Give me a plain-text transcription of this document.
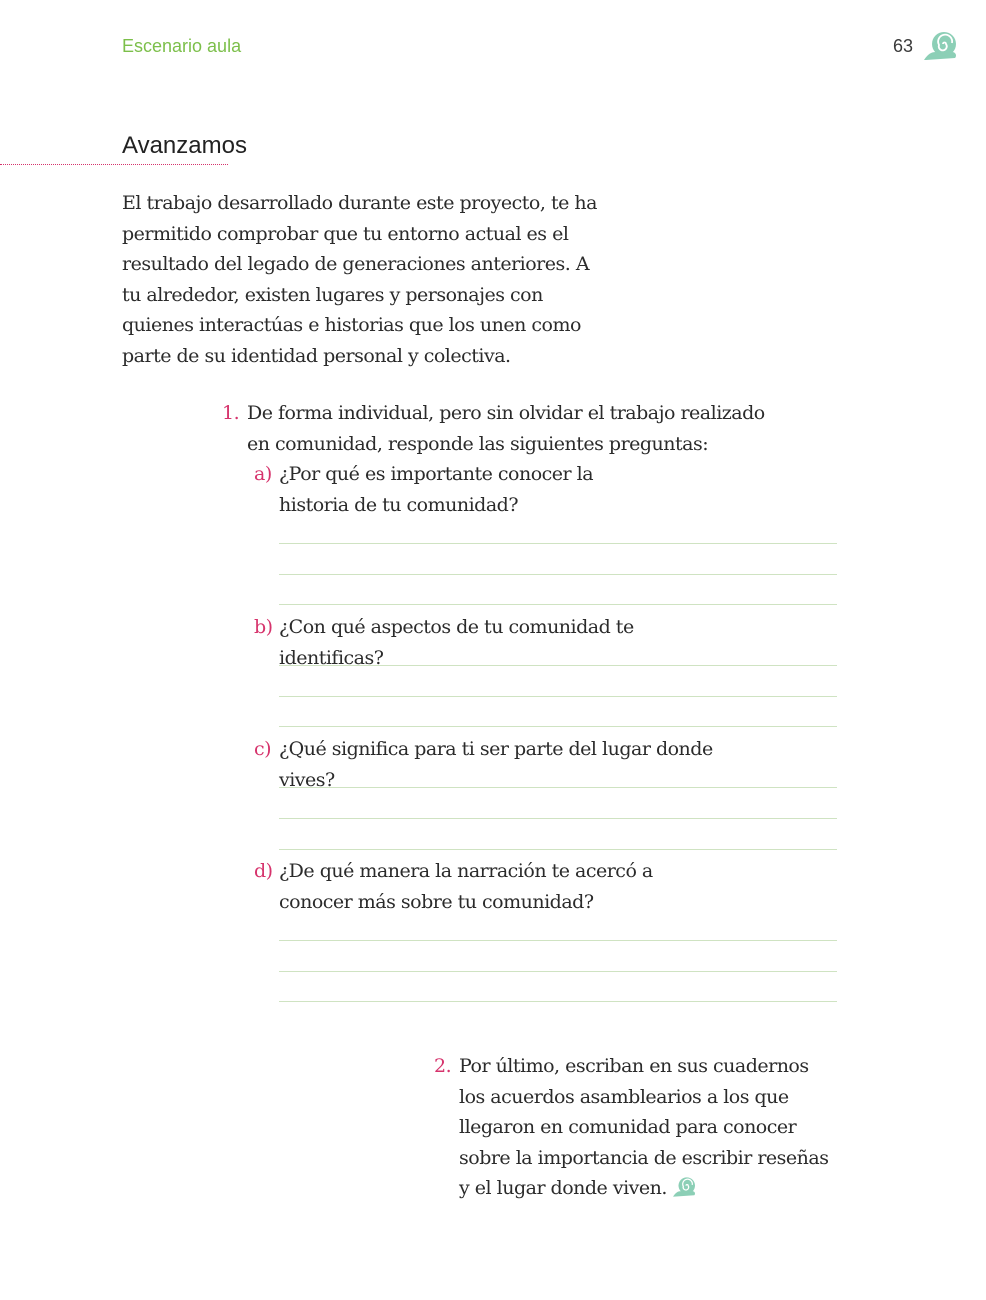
Escenario aula	63
Avanzamos

El trabajo desarrollado durante este proyecto, te ha permitido comprobar que tu entorno actual es el resultado del legado de generaciones anteriores. A tu alrededor, existen lugares y personajes con quienes interactúas e historias que los unen como parte de su identidad personal y colectiva.

1. De forma individual, pero sin olvidar el trabajo realizado en comunidad, responde las siguientes preguntas:
a) ¿Por qué es importante conocer la historia de tu comunidad?
b) ¿Con qué aspectos de tu comunidad te identificas?
c) ¿Qué significa para ti ser parte del lugar donde vives?
d) ¿De qué manera la narración te acercó a conocer más sobre tu comunidad?
2. Por último, escriban en sus cuadernos los acuerdos asamblearios a los que llegaron en comunidad para conocer sobre la importancia de escribir reseñas y el lugar donde viven.
